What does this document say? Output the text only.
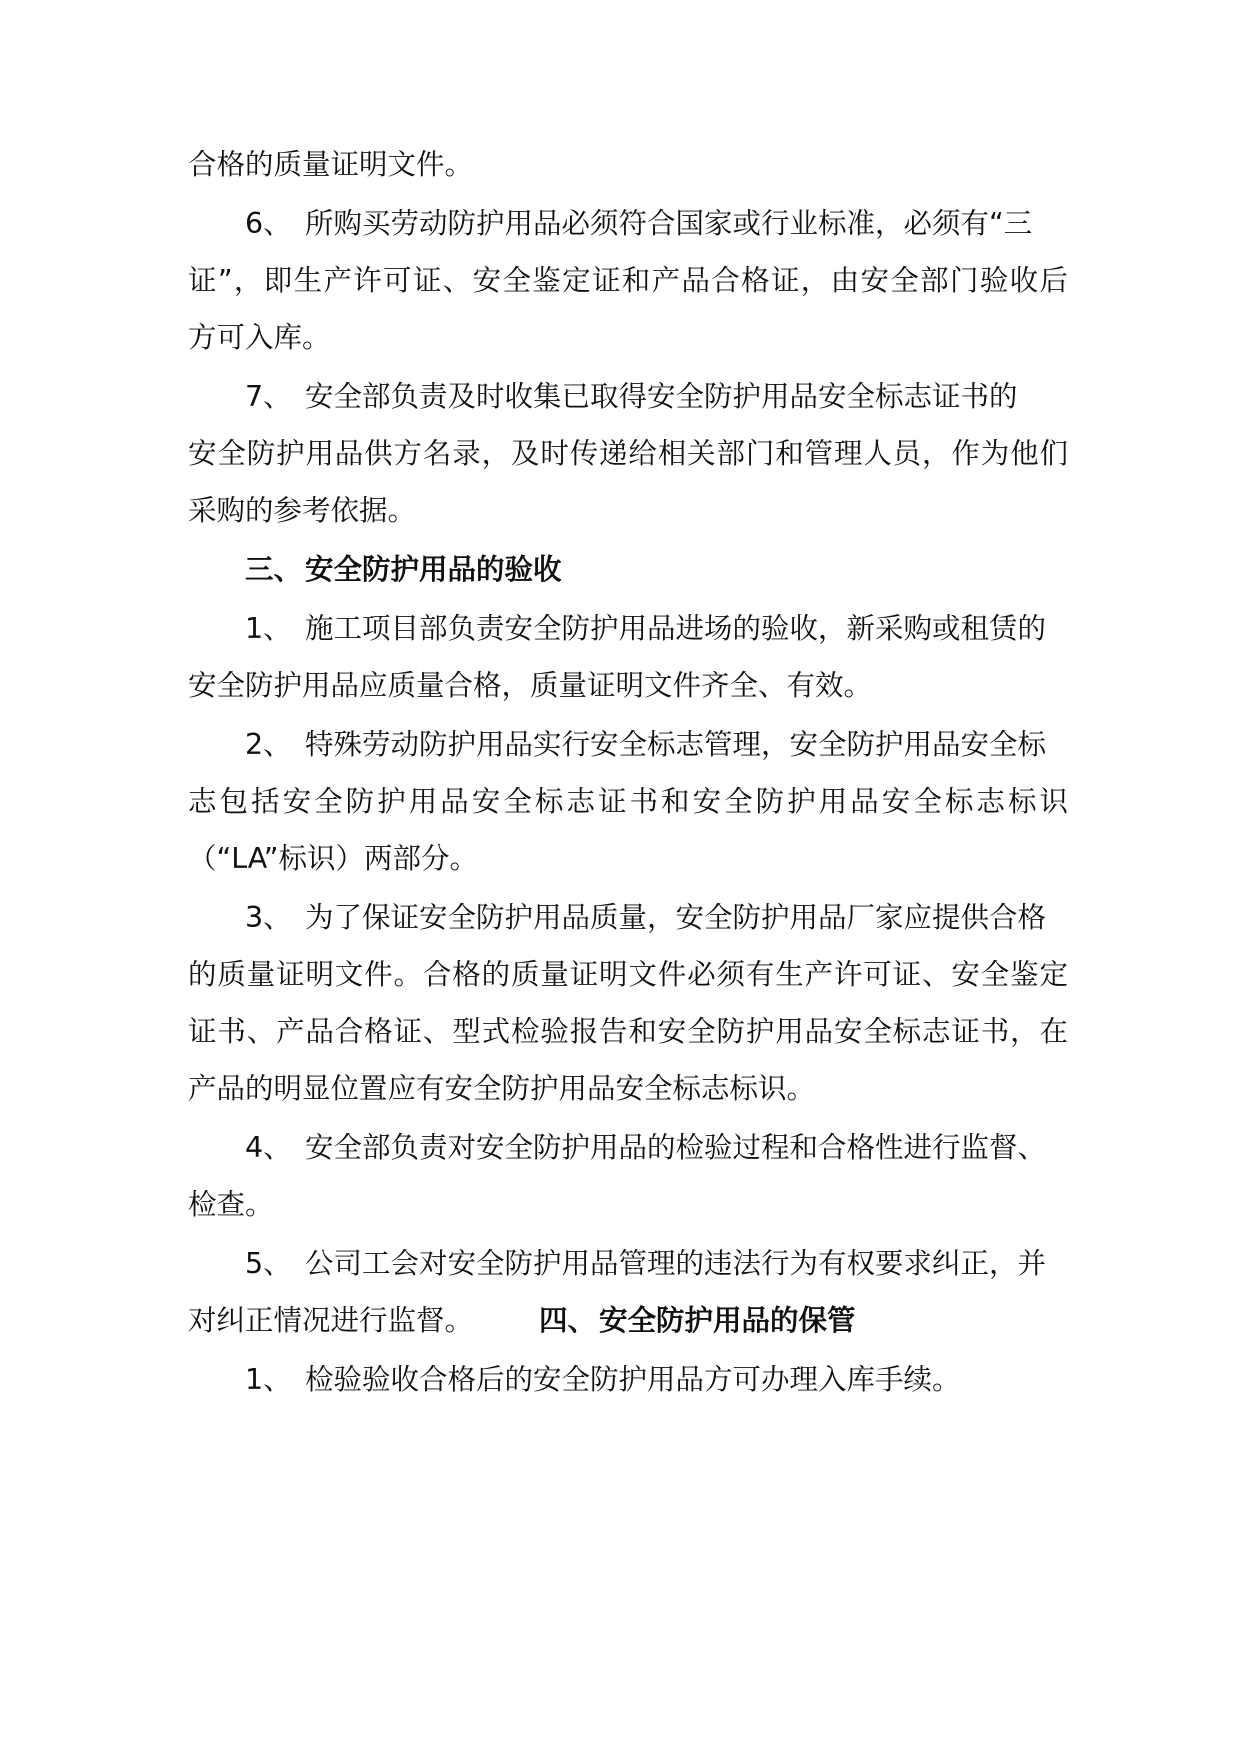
合格的质量证明文件。
6、 所购买劳动防护用品必须符合国家或行业标准，必须有“三
证”，即生产许可证、安全鉴定证和产品合格证，由安全部门验收后
方可入库。
7、 安全部负责及时收集已取得安全防护用品安全标志证书的
安全防护用品供方名录，及时传递给相关部门和管理人员，作为他们
采购的参考依据。
三、 安全防护用品的验收
1、 施工项目部负责安全防护用品进场的验收，新采购或租赁的
安全防护用品应质量合格，质量证明文件齐全、有效。
2、 特殊劳动防护用品实行安全标志管理，安全防护用品安全标
志包括安全防护用品安全标志证书和安全防护用品安全标志标识
（“LA”标识）两部分。
3、 为了保证安全防护用品质量，安全防护用品厂家应提供合格
的质量证明文件。合格的质量证明文件必须有生产许可证、安全鉴定
证书、产品合格证、型式检验报告和安全防护用品安全标志证书，在
产品的明显位置应有安全防护用品安全标志标识。
4、 安全部负责对安全防护用品的检验过程和合格性进行监督、
检查。
5、 公司工会对安全防护用品管理的违法行为有权要求纠正，并
对纠正情况进行监督。 四、 安全防护用品的保管
1、 检验验收合格后的安全防护用品方可办理入库手续。
